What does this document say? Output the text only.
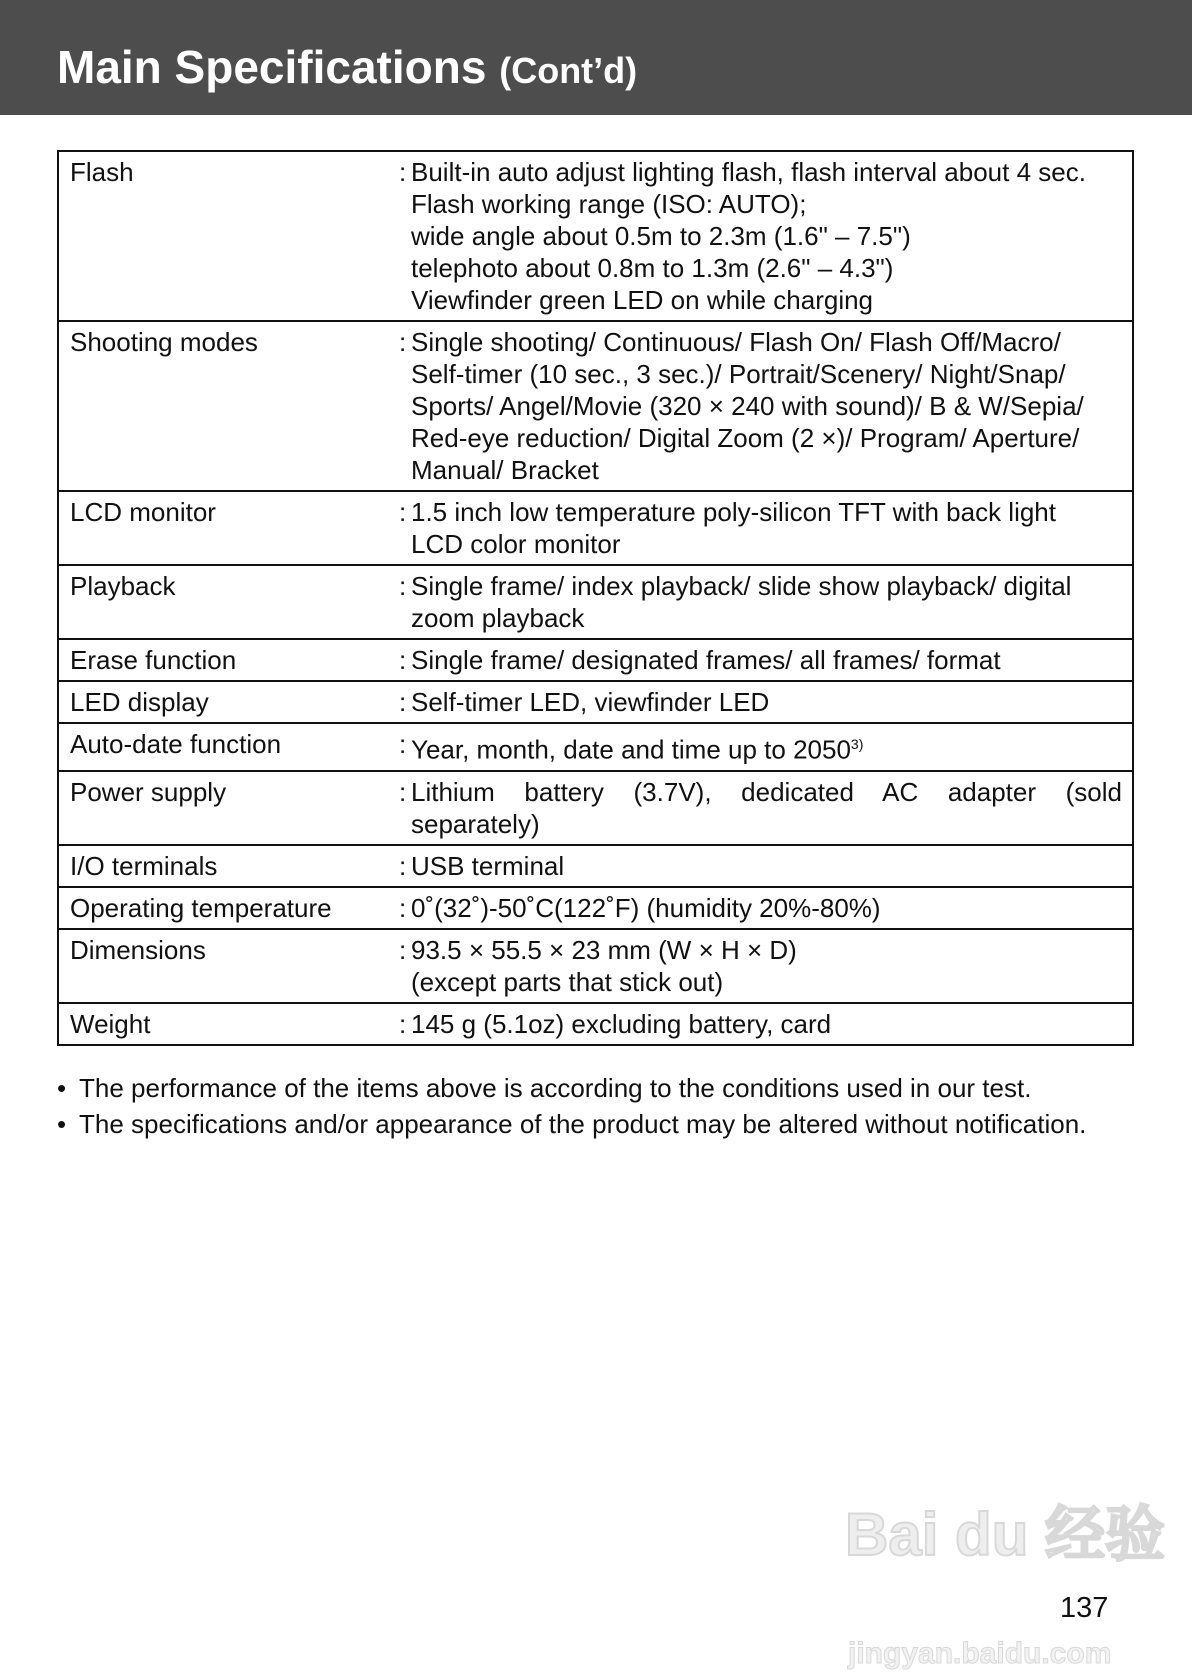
Main Specifications (Cont’d)
Flash	:	Built-in auto adjust lighting flash, flash interval about 4 sec.
Flash working range (ISO: AUTO);
wide angle about 0.5m to 2.3m (1.6" – 7.5")
telephoto about 0.8m to 1.3m (2.6" – 4.3")
Viewfinder green LED on while charging

Shooting modes	:	Single shooting/ Continuous/ Flash On/ Flash Off/Macro/
Self-timer (10 sec., 3 sec.)/ Portrait/Scenery/ Night/Snap/
Sports/ Angel/Movie (320 × 240 with sound)/ B & W/Sepia/
Red-eye reduction/ Digital Zoom (2 ×)/ Program/ Aperture/
Manual/ Bracket

LCD monitor	:	1.5 inch low temperature poly-silicon TFT with back light
LCD color monitor

Playback	:	Single frame/ index playback/ slide show playback/ digital
zoom playback

Erase function	:	Single frame/ designated frames/ all frames/ format

LED display	:	Self-timer LED, viewfinder LED

Auto-date function	:	Year, month, date and time up to 2050$^{3)}$

Power supply	:	Lithium battery (3.7V), dedicated AC adapter (sold
separately)

I/O terminals	:	USB terminal

Operating temperature	:	0˚(32˚)-50˚C(122˚F) (humidity 20%-80%)

Dimensions	:	93.5 × 55.5 × 23 mm (W × H × D)
(except parts that stick out)

Weight	:	145 g (5.1oz) excluding battery, card
• The performance of the items above is according to the conditions used in our test.
• The specifications and/or appearance of the product may be altered without notification.
Bai du 经验
137
jingyan.baidu.com
